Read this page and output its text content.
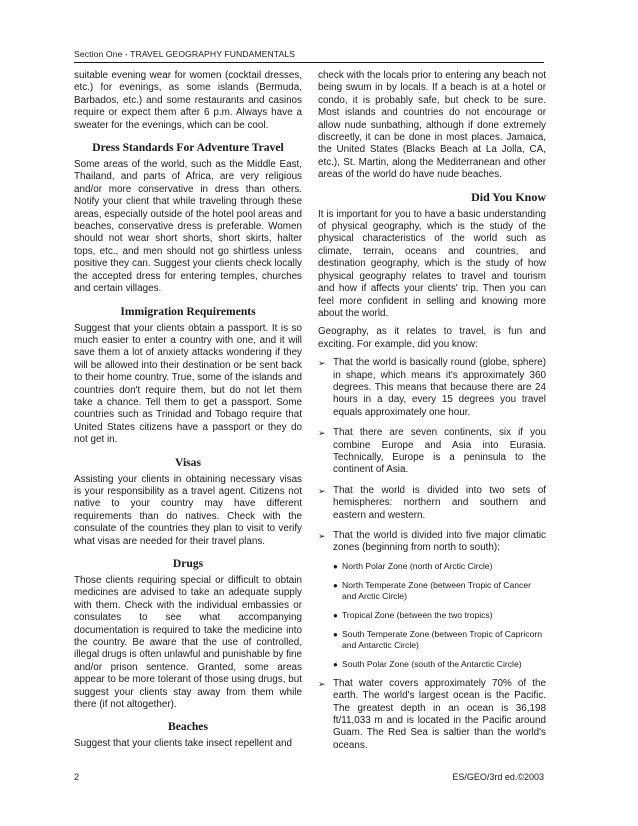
Section One - TRAVEL GEOGRAPHY FUNDAMENTALS

suitable evening wear for women (cocktail dresses, etc.) for evenings, as some islands (Bermuda, Barbados, etc.) and some restaurants and casinos require or expect them after 6 p.m. Always have a sweater for the evenings, which can be cool.

Dress Standards For Adventure Travel

Some areas of the world, such as the Middle East, Thailand, and parts of Africa, are very religious and/or more conservative in dress than others. Notify your client that while traveling through these areas, especially outside of the hotel pool areas and beaches, conservative dress is preferable. Women should not wear short shorts, short skirts, halter tops, etc., and men should not go shirtless unless positive they can. Suggest your clients check locally the accepted dress for entering temples, churches and certain villages.

Immigration Requirements

Suggest that your clients obtain a passport. It is so much easier to enter a country with one, and it will save them a lot of anxiety attacks wondering if they will be allowed into their destination or be sent back to their home country. True, some of the islands and countries don't require them, but do not let them take a chance. Tell them to get a passport. Some countries such as Trinidad and Tobago require that United States citizens have a passport or they do not get in.

Visas

Assisting your clients in obtaining necessary visas is your responsibility as a travel agent. Citizens not native to your country may have different requirements than do natives. Check with the consulate of the countries they plan to visit to verify what visas are needed for their travel plans.

Drugs

Those clients requiring special or difficult to obtain medicines are advised to take an adequate supply with them. Check with the individual embassies or consulates to see what accompanying documentation is required to take the medicine into the country. Be aware that the use of controlled, illegal drugs is often unlawful and punishable by fine and/or prison sentence. Granted, some areas appear to be more tolerant of those using drugs, but suggest your clients stay away from them while there (if not altogether).

Beaches

Suggest that your clients take insect repellent and

check with the locals prior to entering any beach not being swum in by locals. If a beach is at a hotel or condo, it is probably safe, but check to be sure. Most islands and countries do not encourage or allow nude sunbathing, although if done extremely discreetly, it can be done in most places. Jamaica, the United States (Blacks Beach at La Jolla, CA, etc.), St. Martin, along the Mediterranean and other areas of the world do have nude beaches.

Did You Know

It is important for you to have a basic understanding of physical geography, which is the study of the physical characteristics of the world such as climate, terrain, oceans and countries, and destination geography, which is the study of how physical geography relates to travel and tourism and how if affects your clients' trip. Then you can feel more confident in selling and knowing more about the world.

Geography, as it relates to travel, is fun and exciting. For example, did you know:

➢ That the world is basically round (globe, sphere) in shape, which means it's approximately 360 degrees. This means that because there are 24 hours in a day, every 15 degrees you travel equals approximately one hour.
➢ That there are seven continents, six if you combine Europe and Asia into Eurasia. Technically, Europe is a peninsula to the continent of Asia.
➢ That the world is divided into two sets of hemispheres: northern and southern and eastern and western.
➢ That the world is divided into five major climatic zones (beginning from north to south):
● North Polar Zone (north of Arctic Circle)
● North Temperate Zone (between Tropic of Cancer and Arctic Circle)
● Tropical Zone (between the two tropics)
● South Temperate Zone (between Tropic of Capricorn and Antarctic Circle)
● South Polar Zone (south of the Antarctic Circle)
➢ That water covers approximately 70% of the earth. The world's largest ocean is the Pacific. The greatest depth in an ocean is 36,198 ft/11,033 m and is located in the Pacific around Guam. The Red Sea is saltier than the world's oceans.
2	ES/GEO/3rd ed.©2003
